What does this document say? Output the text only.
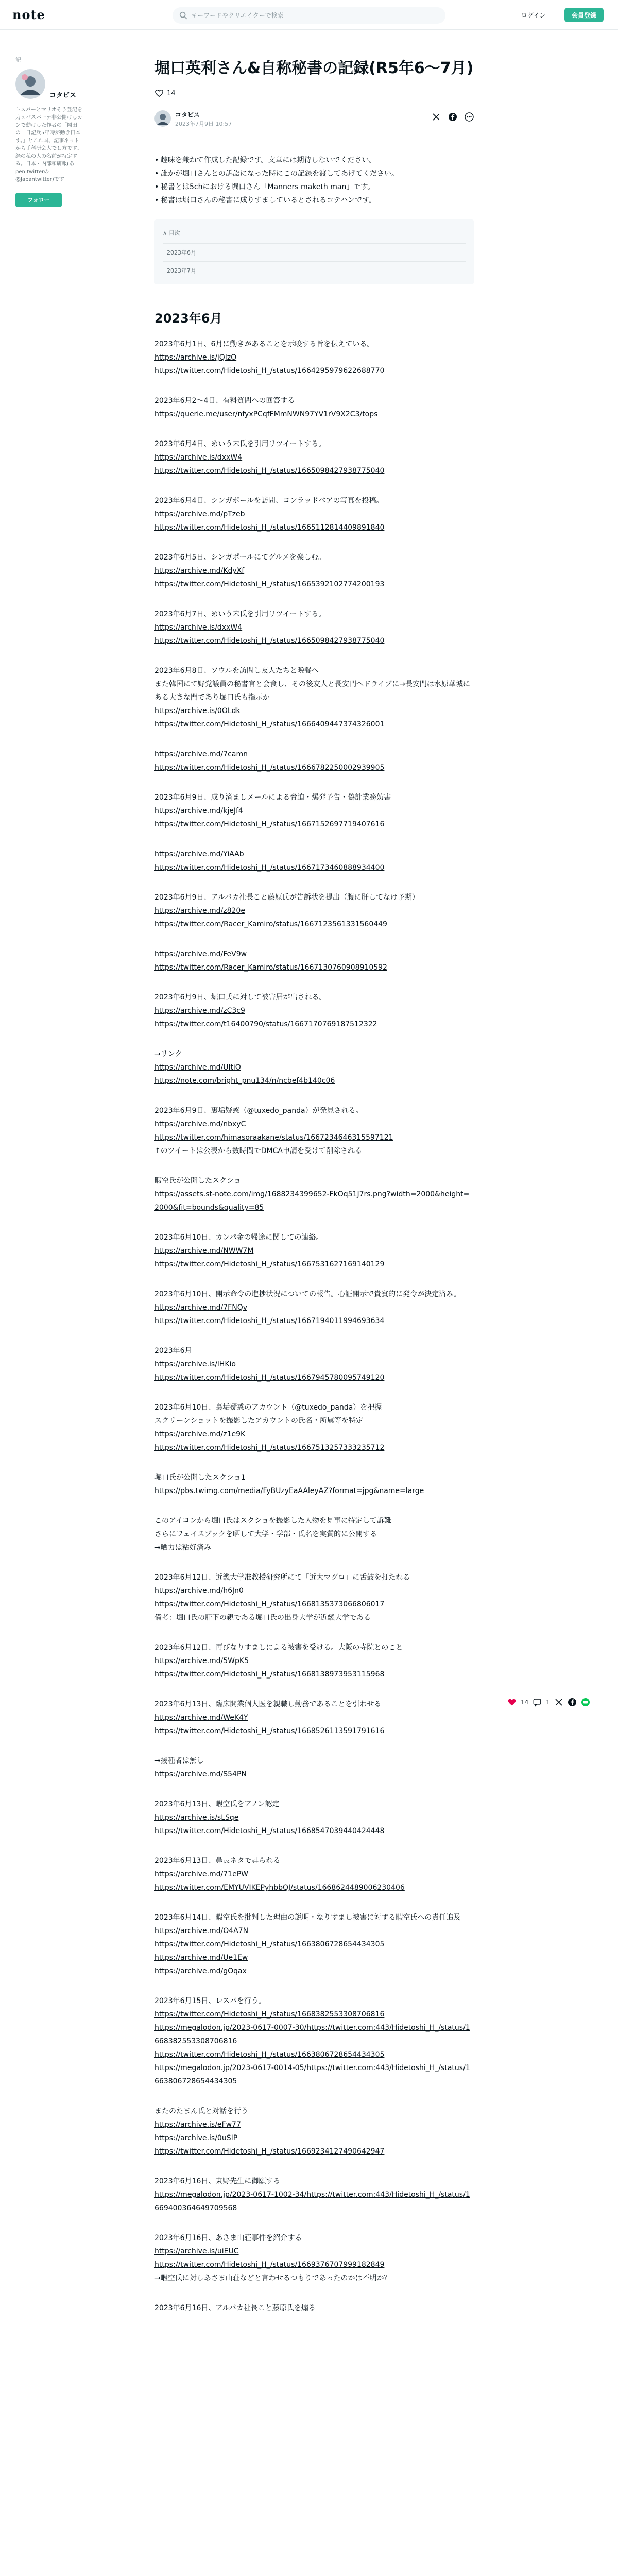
note
キーワードやクリエイターで検索	ログイン	会員登録
記
コタビス
トスパーとマリオそう登記を力ュバスパーナ非公開けしカンで動けした作者の「岡田」の「日記兵5年時が動き日本す。」とこれ国、記事ネットから手科研会人でし方です。経の私の人の名前が特定する。日本・内部和研報(あpen:twitterの@Japantwitter)です
フォロー
堀口英利さん&自称秘書の記録(R5年6～7月)
14
コタビス
2023年7月9日 10:57
• 趣味を兼ねて作成した記録です。文章には期待しないでください。
• 誰かが堀口さんとの訴訟になった時にこの記録を渡してあげてください。
• 秘書とは5chにおける堀口さん「Manners maketh man」です。
• 秘書は堀口さんの秘書に成りすましているとされるコテハンです。
∧ 目次
2023年6月
2023年7月
2023年6月

2023年6月1日、6月に動きがあることを示唆する旨を伝えている。

https://archive.is/jQlzO
https://twitter.com/Hidetoshi_H_/status/1664295979622688770

2023年6月2〜4日、有料質問への回答する

https://querie.me/user/nfyxPCqfFMmNWN97YV1rV9X2C3/tops

2023年6月4日、めいう未氏を引用リツイートする。

https://archive.is/dxxW4
https://twitter.com/Hidetoshi_H_/status/1665098427938775040

2023年6月4日、シンガポールを訪問、コンラッドベアの写真を投稿。

https://archive.md/pTzeb
https://twitter.com/Hidetoshi_H_/status/1665112814409891840

2023年6月5日、シンガポールにてグルメを楽しむ。

https://archive.md/KdyXf
https://twitter.com/Hidetoshi_H_/status/1665392102774200193

2023年6月7日、めいう未氏を引用リツイートする。

https://archive.is/dxxW4
https://twitter.com/Hidetoshi_H_/status/1665098427938775040

2023年6月8日、ソウルを訪問し友人たちと晩餐へ

また韓国にて野党議員の秘書官と会食し、その後友人と長安門へドライブに→長安門は水原華城にある大きな門であり堀口氏も指示か

https://archive.is/0OLdk
https://twitter.com/Hidetoshi_H_/status/1666409447374326001
https://archive.md/7camn
https://twitter.com/Hidetoshi_H_/status/1666782250002939905

2023年6月9日、成り済ましメールによる脅迫・爆発予告・偽計業務妨害

https://archive.md/kjeJf4
https://twitter.com/Hidetoshi_H_/status/1667152697719407616
https://archive.md/YiAAb
https://twitter.com/Hidetoshi_H_/status/1667173460888934400

2023年6月9日、アルバカ社長こと藤原氏が告訴状を提出（腹に肝してなけ予期）

https://archive.md/z820e
https://twitter.com/Racer_Kamiro/status/1667123561331560449
https://archive.md/FeV9w
https://twitter.com/Racer_Kamiro/status/1667130760908910592

2023年6月9日、堀口氏に対して被害届が出される。

https://archive.md/zC3c9
https://twitter.com/t16400790/status/1667170769187512322

→リンク

https://archive.md/UltiO
https://note.com/bright_pnu134/n/ncbef4b140c06

2023年6月9日、裏垢疑惑（@tuxedo_panda）が発見される。

https://archive.md/nbxyC
https://twitter.com/himasoraakane/status/1667234646315597121

↑のツイートは公表から数時間でDMCA申請を受けて削除される

暇空氏が公開したスクショ

https://assets.st-note.com/img/1688234399652-FkOq51J7rs.png?width=2000&height=2000&fit=bounds&quality=85

2023年6月10日、カンパ金の帰途に関しての連絡。

https://archive.md/NWW7M
https://twitter.com/Hidetoshi_H_/status/1667531627169140129

2023年6月10日、開示命令の進捗状況についての報告。心証開示で貴賓的に発令が決定済み。

https://archive.md/7FNQv
https://twitter.com/Hidetoshi_H_/status/1667194011994693634

2023年6月

https://archive.is/lHKio
https://twitter.com/Hidetoshi_H_/status/1667945780095749120

2023年6月10日、裏垢疑惑のアカウント（@tuxedo_panda）を把握

スクリーンショットを撮影したアカウントの氏名・所属等を特定

https://archive.md/z1e9K
https://twitter.com/Hidetoshi_H_/status/1667513257333235712

堀口氏が公開したスクショ1

https://pbs.twimg.com/media/FyBUzyEaAAleyAZ?format=jpg&name=large

このアイコンから堀口氏はスクショを撮影した人物を見事に特定して訴難

さらにフェイスブックを晒して大学・学部・氏名を実質的に公開する

→晒力は粘好済み

2023年6月12日、近畿大学准教授研究所にて「近大マグロ」に舌鼓を打たれる

https://archive.md/h6Jn0
https://twitter.com/Hidetoshi_H_/status/1668135373066806017

備考：堀口氏の肝下の親である堀口氏の出身大学が近畿大学である

2023年6月12日、再びなりすましによる被害を受ける。大阪の寺院とのこと

https://archive.md/5WpK5
https://twitter.com/Hidetoshi_H_/status/1668138973953115968

2023年6月13日、臨床開業個人医を親職し勤務であることを引わせる

https://archive.md/WeK4Y
https://twitter.com/Hidetoshi_H_/status/1668526113591791616

→接種者は無し

https://archive.md/S54PN

2023年6月13日、暇空氏をアノン認定

https://archive.is/sLSqe
https://twitter.com/Hidetoshi_H_/status/1668547039440424448

2023年6月13日、鼻長ネタで昇られる

https://archive.md/71ePW
https://twitter.com/EMYUVIKEPyhbbQJ/status/1668624489006230406

2023年6月14日、暇空氏を批判した理由の説明・なりすまし被害に対する暇空氏への責任追及

https://archive.md/O4A7N
https://twitter.com/Hidetoshi_H_/status/1663806728654434305
https://archive.md/Ue1Ew
https://archive.md/gOqax

2023年6月15日、レスバを行う。

https://twitter.com/Hidetoshi_H_/status/1668382553308706816
https://megalodon.jp/2023-0617-0007-30/https://twitter.com:443/Hidetoshi_H_/status/1668382553308706816
https://twitter.com/Hidetoshi_H_/status/1663806728654434305
https://megalodon.jp/2023-0617-0014-05/https://twitter.com:443/Hidetoshi_H_/status/1663806728654434305

またのたまん氏と対話を行う

https://archive.is/eFw77
https://archive.is/0uSIP
https://twitter.com/Hidetoshi_H_/status/1669234127490642947

2023年6月16日、東野先生に御願する

https://megalodon.jp/2023-0617-1002-34/https://twitter.com:443/Hidetoshi_H_/status/1669400364649709568

2023年6月16日、あさま山荘事件を紹介する

https://archive.is/uiEUC
https://twitter.com/Hidetoshi_H_/status/1669376707999182849

→暇空氏に対しあさま山荘などと言わせるつもりであったのかは不明か？

2023年6月16日、アルバカ社長こと藤原氏を煽る

14	1
